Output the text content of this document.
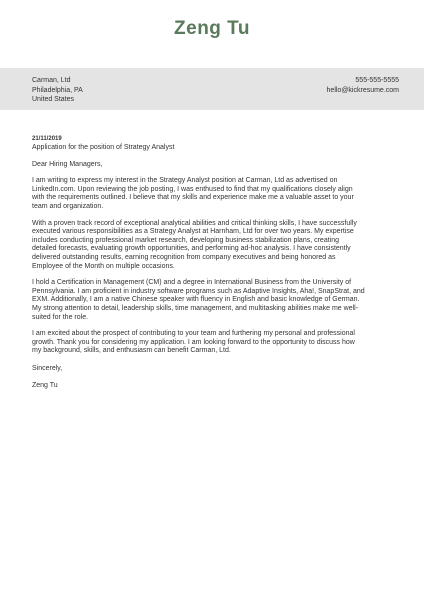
Zeng Tu
Carman, Ltd
Philadelphia, PA
United States
555-555-5555
hello@kickresume.com
21/11/2019
Application for the position of Strategy Analyst
Dear Hiring Managers,
I am writing to express my interest in the Strategy Analyst position at Carman, Ltd as advertised on
LinkedIn.com. Upon reviewing the job posting, I was enthused to find that my qualifications closely align
with the requirements outlined. I believe that my skills and experience make me a valuable asset to your
team and organization.
With a proven track record of exceptional analytical abilities and critical thinking skills, I have successfully
executed various responsibilities as a Strategy Analyst at Harnham, Ltd for over two years. My expertise
includes conducting professional market research, developing business stabilization plans, creating
detailed forecasts, evaluating growth opportunities, and performing ad-hoc analysis. I have consistently
delivered outstanding results, earning recognition from company executives and being honored as
Employee of the Month on multiple occasions.
I hold a Certification in Management (CM) and a degree in International Business from the University of
Pennsylvania. I am proficient in industry software programs such as Adaptive Insights, Aha!, SnapStrat, and
EXM. Additionally, I am a native Chinese speaker with fluency in English and basic knowledge of German.
My strong attention to detail, leadership skills, time management, and multitasking abilities make me well-
suited for the role.
I am excited about the prospect of contributing to your team and furthering my personal and professional
growth. Thank you for considering my application. I am looking forward to the opportunity to discuss how
my background, skills, and enthusiasm can benefit Carman, Ltd.
Sincerely,
Zeng Tu
